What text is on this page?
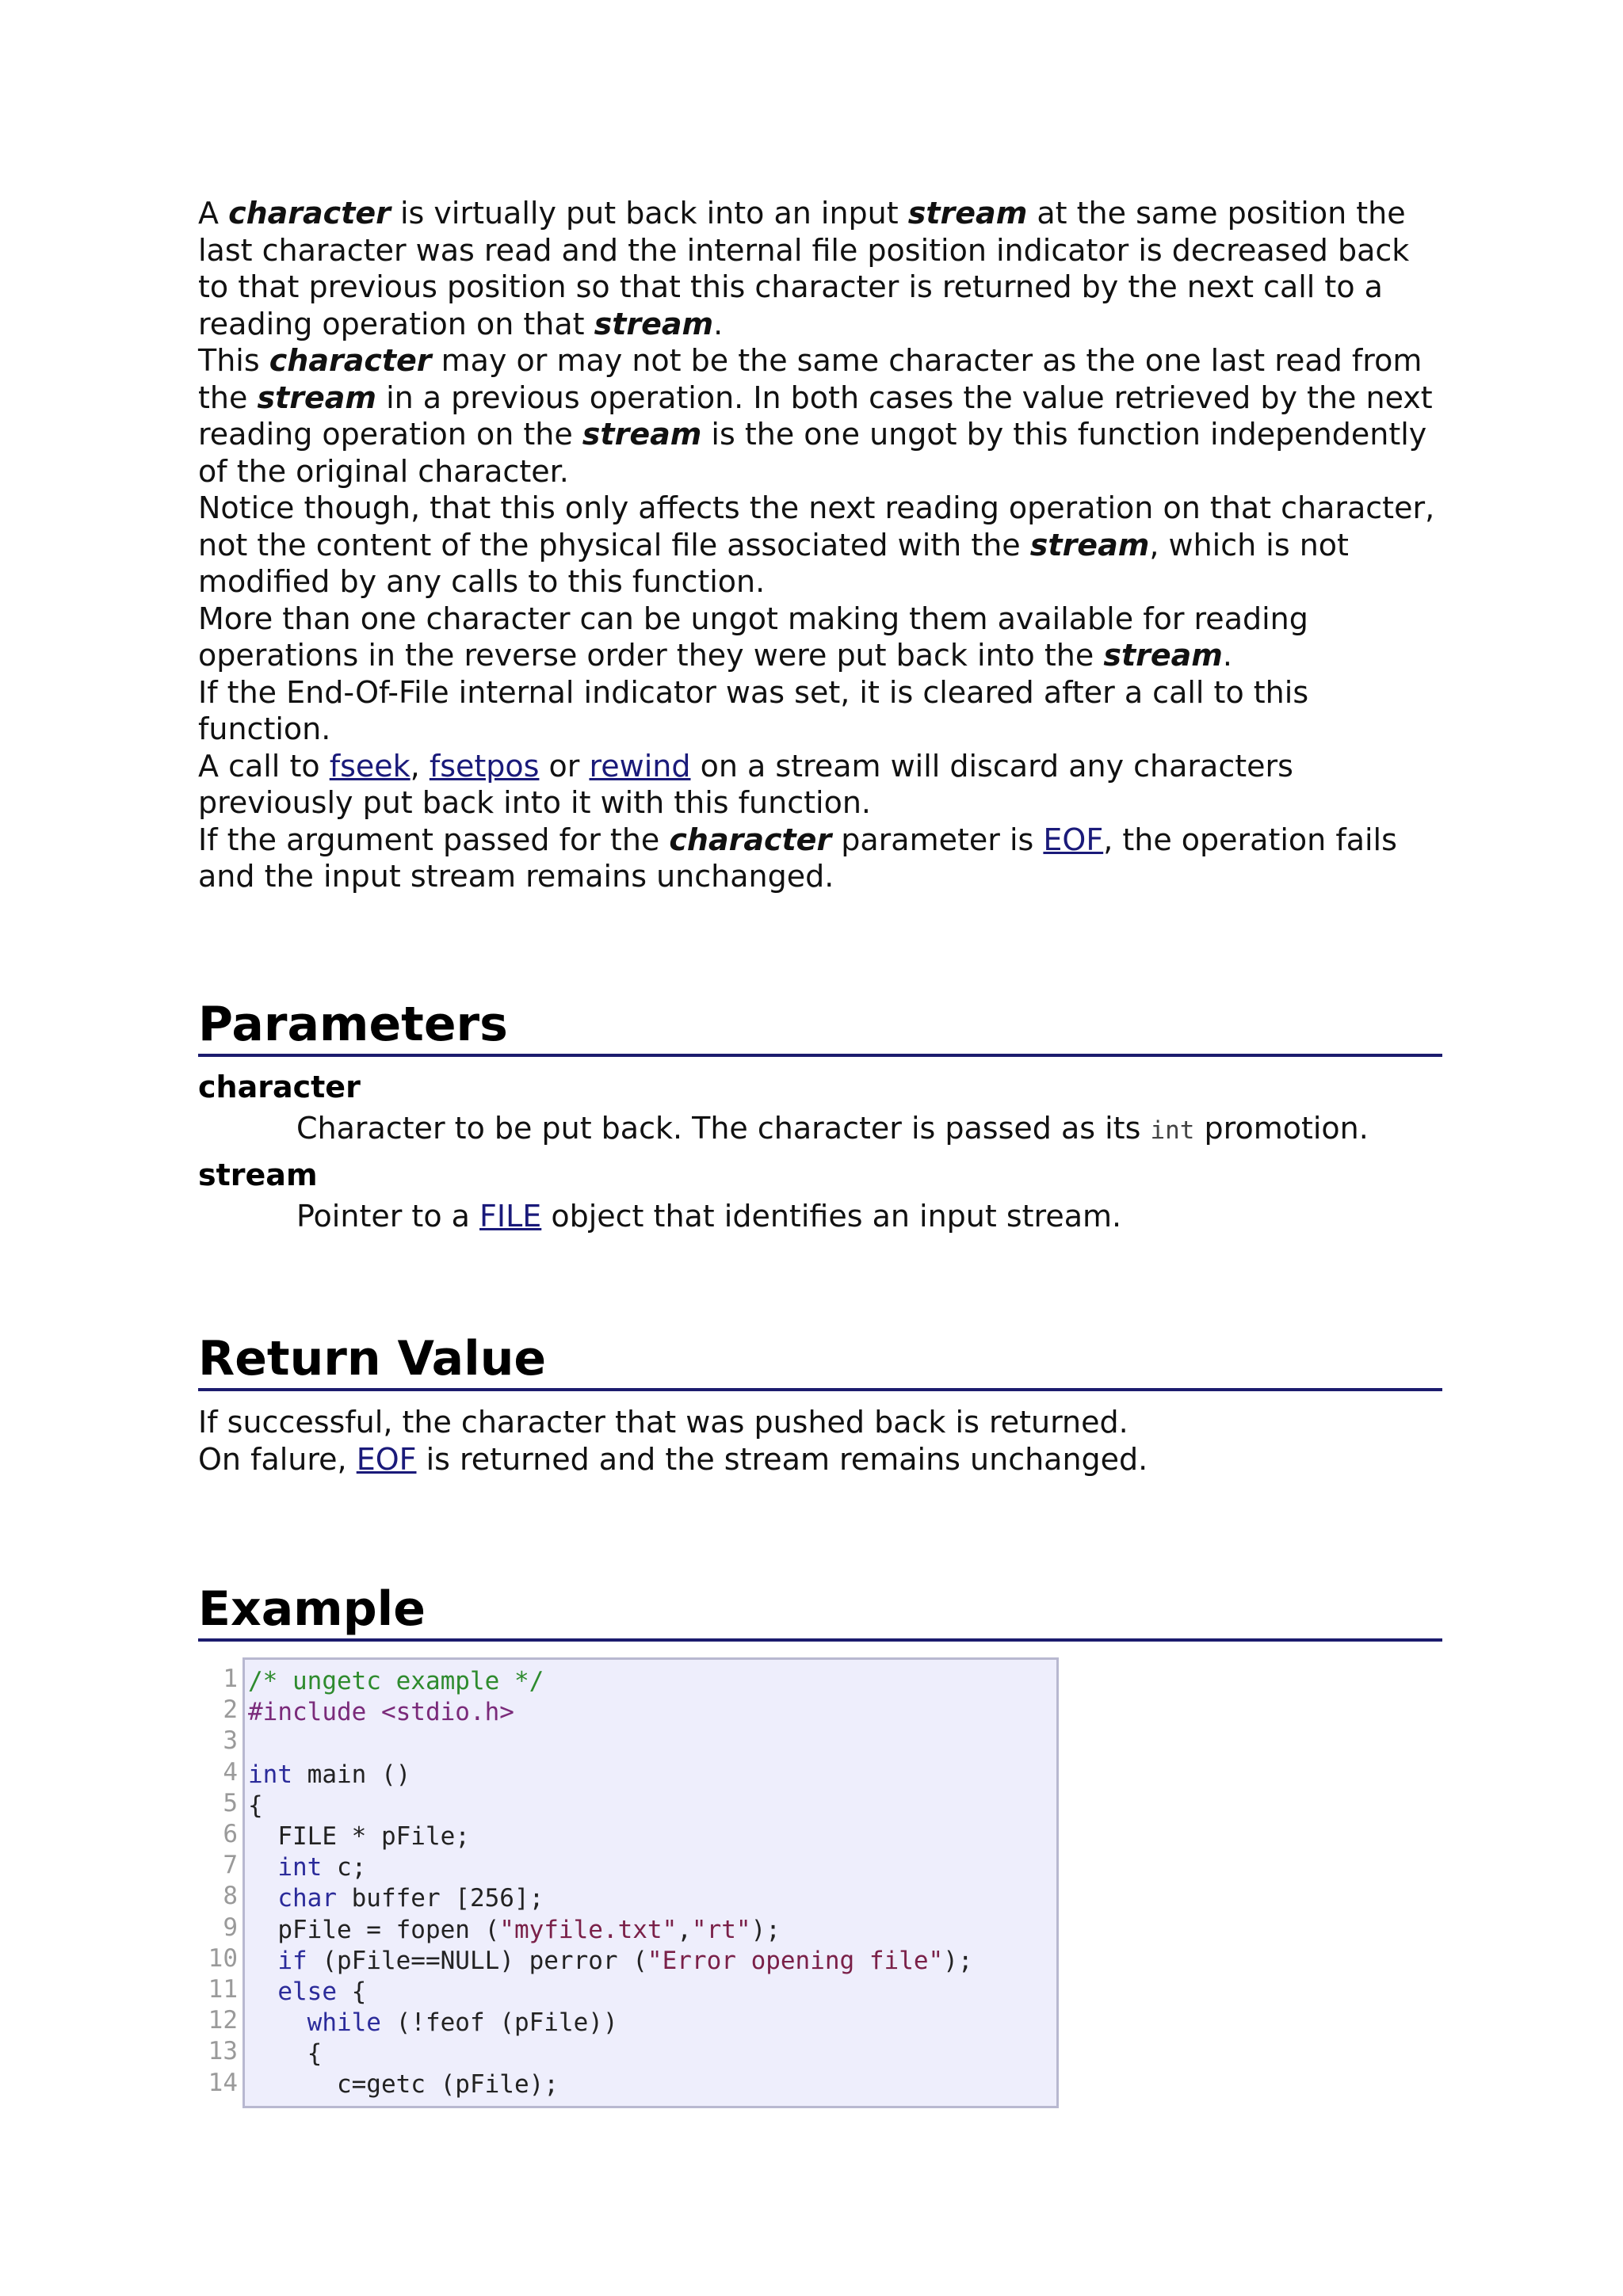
A character is virtually put back into an input stream at the same position the last character was read and the internal file position indicator is decreased back to that previous position so that this character is returned by the next call to a reading operation on that stream.

This character may or may not be the same character as the one last read from the stream in a previous operation. In both cases the value retrieved by the next reading operation on the stream is the one ungot by this function independently of the original character.

Notice though, that this only affects the next reading operation on that character, not the content of the physical file associated with the stream, which is not modified by any calls to this function.

More than one character can be ungot making them available for reading operations in the reverse order they were put back into the stream.

If the End-Of-File internal indicator was set, it is cleared after a call to this function.

A call to fseek, fsetpos or rewind on a stream will discard any characters previously put back into it with this function.

If the argument passed for the character parameter is EOF, the operation fails and the input stream remains unchanged.

Parameters
character
Character to be put back. The character is passed as its int promotion.
stream
Pointer to a FILE object that identifies an input stream.
Return Value

If successful, the character that was pushed back is returned.

On falure, EOF is returned and the stream remains unchanged.

Example
1
2
3
4
5
6
7
8
9
10
11
12
13
14
/* ungetc example */
#include <stdio.h>
int main ()
{
FILE * pFile;
int c;
char buffer [256];
pFile = fopen ("myfile.txt","rt");
if (pFile==NULL) perror ("Error opening file");
else {
while (!feof (pFile))
{
c=getc (pFile);
